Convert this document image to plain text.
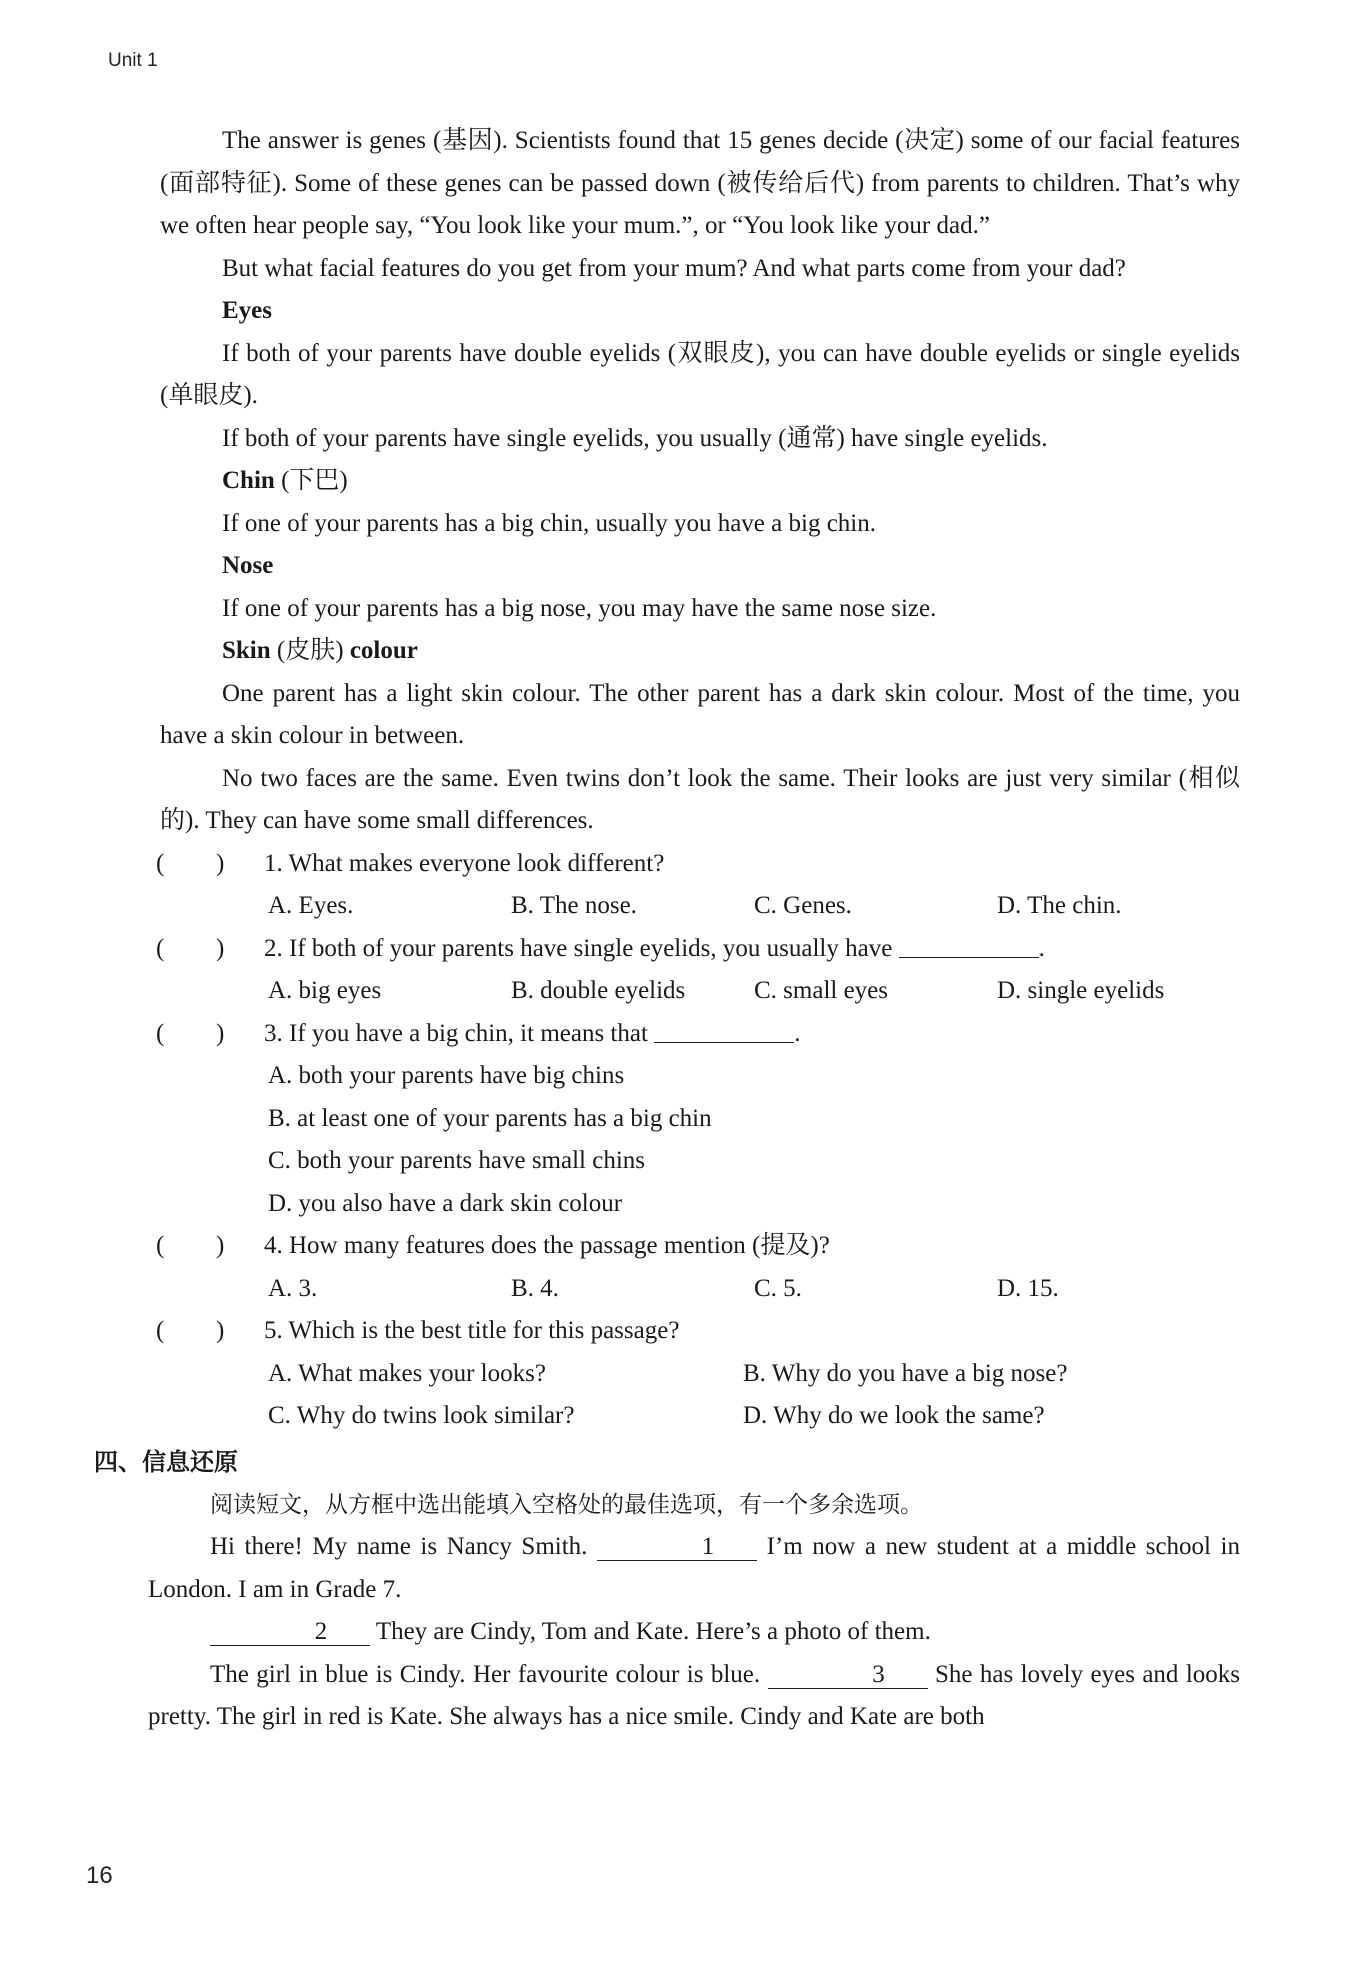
Unit 1

The answer is genes (基因). Scientists found that 15 genes decide (决定) some of our facial features (面部特征). Some of these genes can be passed down (被传给后代) from parents to children. That’s why we often hear people say, “You look like your mum.”, or “You look like your dad.”

But what facial features do you get from your mum? And what parts come from your dad?

Eyes

If both of your parents have double eyelids (双眼皮), you can have double eyelids or single eyelids (单眼皮).

If both of your parents have single eyelids, you usually (通常) have single eyelids.

Chin (下巴)

If one of your parents has a big chin, usually you have a big chin.

Nose

If one of your parents has a big nose, you may have the same nose size.

Skin (皮肤) colour

One parent has a light skin colour. The other parent has a dark skin colour. Most of the time, you have a skin colour in between.

No two faces are the same. Even twins don’t look the same. Their looks are just very similar (相似的). They can have some small differences.

( ) 1. What makes everyone look different?
A. Eyes.	B. The nose.	C. Genes.	D. The chin.
( ) 2. If both of your parents have single eyelids, you usually have	.
A. big eyes	B. double eyelids	C. small eyes	D. single eyelids
( ) 3. If you have a big chin, it means that	.
A. both your parents have big chins
B. at least one of your parents has a big chin
C. both your parents have small chins
D. you also have a dark skin colour
( ) 4. How many features does the passage mention (提及)?
A. 3.	B. 4.	C. 5.	D. 15.
( ) 5. Which is the best title for this passage?
A. What makes your looks?	B. Why do you have a big nose?
C. Why do twins look similar?	D. Why do we look the same?
四、信息还原

阅读短文，从方框中选出能填入空格处的最佳选项，有一个多余选项。

Hi there! My name is Nancy Smith.	1 I’m now a new student at a middle school in London. I am in Grade 7.

2 They are Cindy, Tom and Kate. Here’s a photo of them.

The girl in blue is Cindy. Her favourite colour is blue.	3 She has lovely eyes and looks pretty. The girl in red is Kate. She always has a nice smile. Cindy and Kate are both

16
